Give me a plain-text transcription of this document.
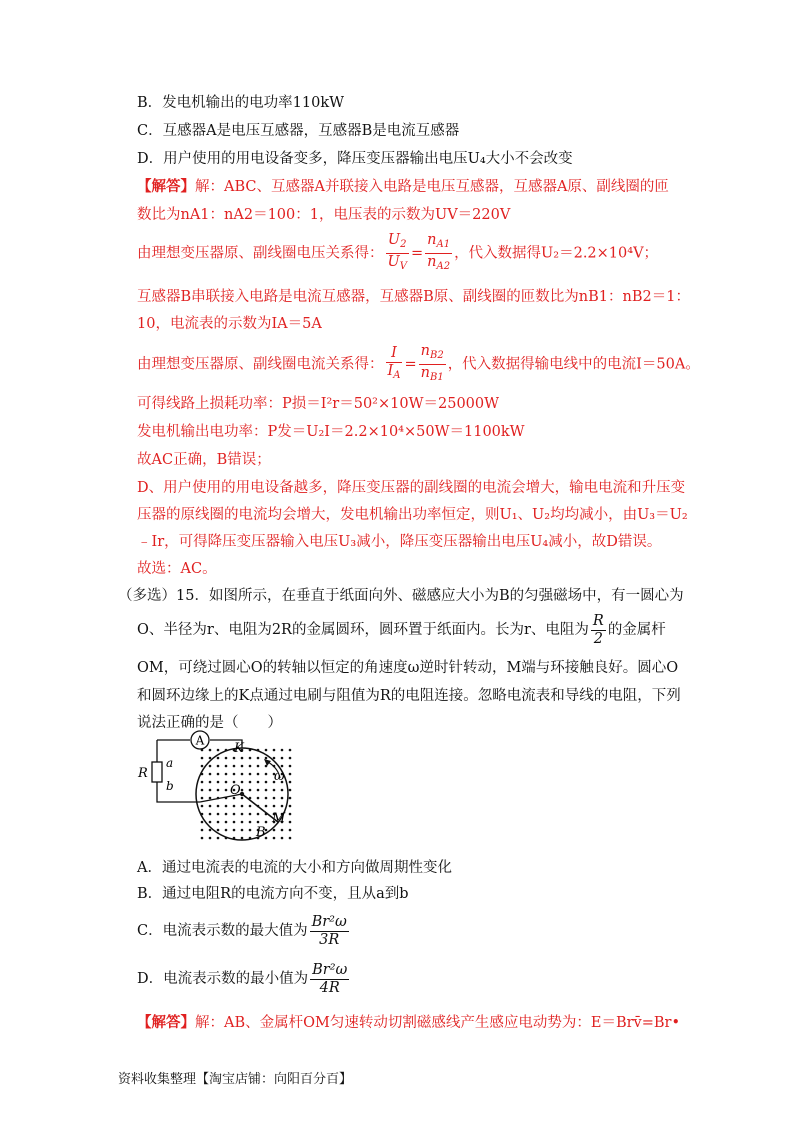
B．发电机输出的电功率110kW
C．互感器A是电压互感器，互感器B是电流互感器
D．用户使用的用电设备变多，降压变压器输出电压U₄大小不会改变
【解答】解：ABC、互感器A并联接入电路是电压互感器，互感器A原、副线圈的匝
数比为nA1：nA2＝100：1，电压表的示数为UV＝220V
由理想变压器原、副线圈电压关系得： $\frac{U_2}{U_V} = \frac{n_{A1}}{n_{A2}}$ ，代入数据得U₂＝2.2×10⁴V；
互感器B串联接入电路是电流互感器，互感器B原、副线圈的匝数比为nB1：nB2＝1：
10，电流表的示数为IA＝5A
由理想变压器原、副线圈电流关系得： $\frac{I}{I_A} = \frac{n_{B2}}{n_{B1}}$ ，代入数据得输电线中的电流I＝50A。
可得线路上损耗功率：P损＝I²r＝50²×10W＝25000W
发电机输出电功率：P发＝U₂I＝2.2×10⁴×50W＝1100kW
故AC正确，B错误；
D、用户使用的用电设备越多，降压变压器的副线圈的电流会增大，输电电流和升压变
压器的原线圈的电流均会增大，发电机输出功率恒定，则U₁、U₂均均减小，由U₃＝U₂
﹣Ir，可得降压变压器输入电压U₃减小，降压变压器输出电压U₄减小，故D错误。
故选：AC。
（多选）15．如图所示，在垂直于纸面向外、磁感应大小为B的匀强磁场中，有一圆心为
O、半径为r、电阻为2R的金属圆环，圆环置于纸面内。长为r、电阻为 $\frac{R}{2}$ 的金属杆
OM，可绕过圆心O的转轴以恒定的角速度ω逆时针转动，M端与环接触良好。圆心O
和圆环边缘上的K点通过电刷与阻值为R的电阻连接。忽略电流表和导线的电阻，下列
说法正确的是（　　）
A
R
a
b
K
ω
O
M
B
A．通过电流表的电流的大小和方向做周期性变化
B．通过电阻R的电流方向不变，且从a到b
C．电流表示数的最大值为 $\frac{\text{Br²ω}}{3R}$
D．电流表示数的最小值为 $\frac{\text{Br²ω}}{4R}$
【解答】解：AB、金属杆OM匀速转动切割磁感线产生感应电动势为：E＝Brv̄=Br•
资料收集整理【淘宝店铺：向阳百分百】
